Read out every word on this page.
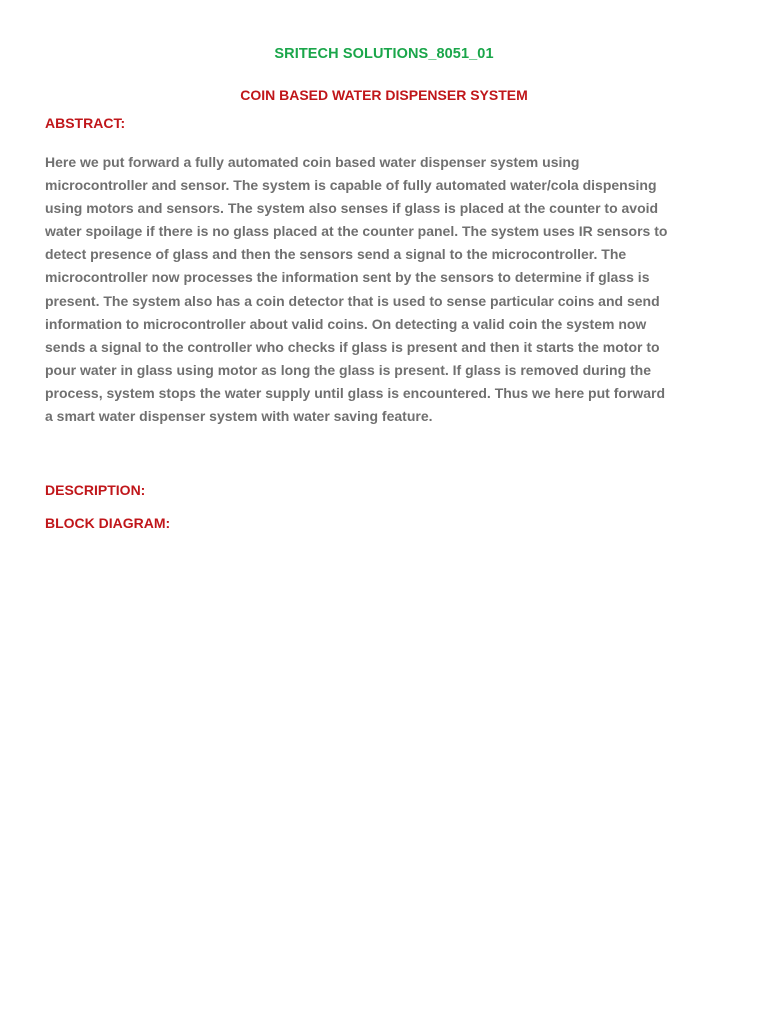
SRITECH SOLUTIONS_8051_01
COIN BASED WATER DISPENSER SYSTEM
ABSTRACT:
Here we put forward a fully automated coin based water dispenser system using
microcontroller and sensor. The system is capable of fully automated water/cola dispensing
using motors and sensors. The system also senses if glass is placed at the counter to avoid
water spoilage if there is no glass placed at the counter panel. The system uses IR sensors to
detect presence of glass and then the sensors send a signal to the microcontroller. The
microcontroller now processes the information sent by the sensors to determine if glass is
present. The system also has a coin detector that is used to sense particular coins and send
information to microcontroller about valid coins. On detecting a valid coin the system now
sends a signal to the controller who checks if glass is present and then it starts the motor to
pour water in glass using motor as long the glass is present. If glass is removed during the
process, system stops the water supply until glass is encountered. Thus we here put forward
a smart water dispenser system with water saving feature.
DESCRIPTION:
BLOCK DIAGRAM:
